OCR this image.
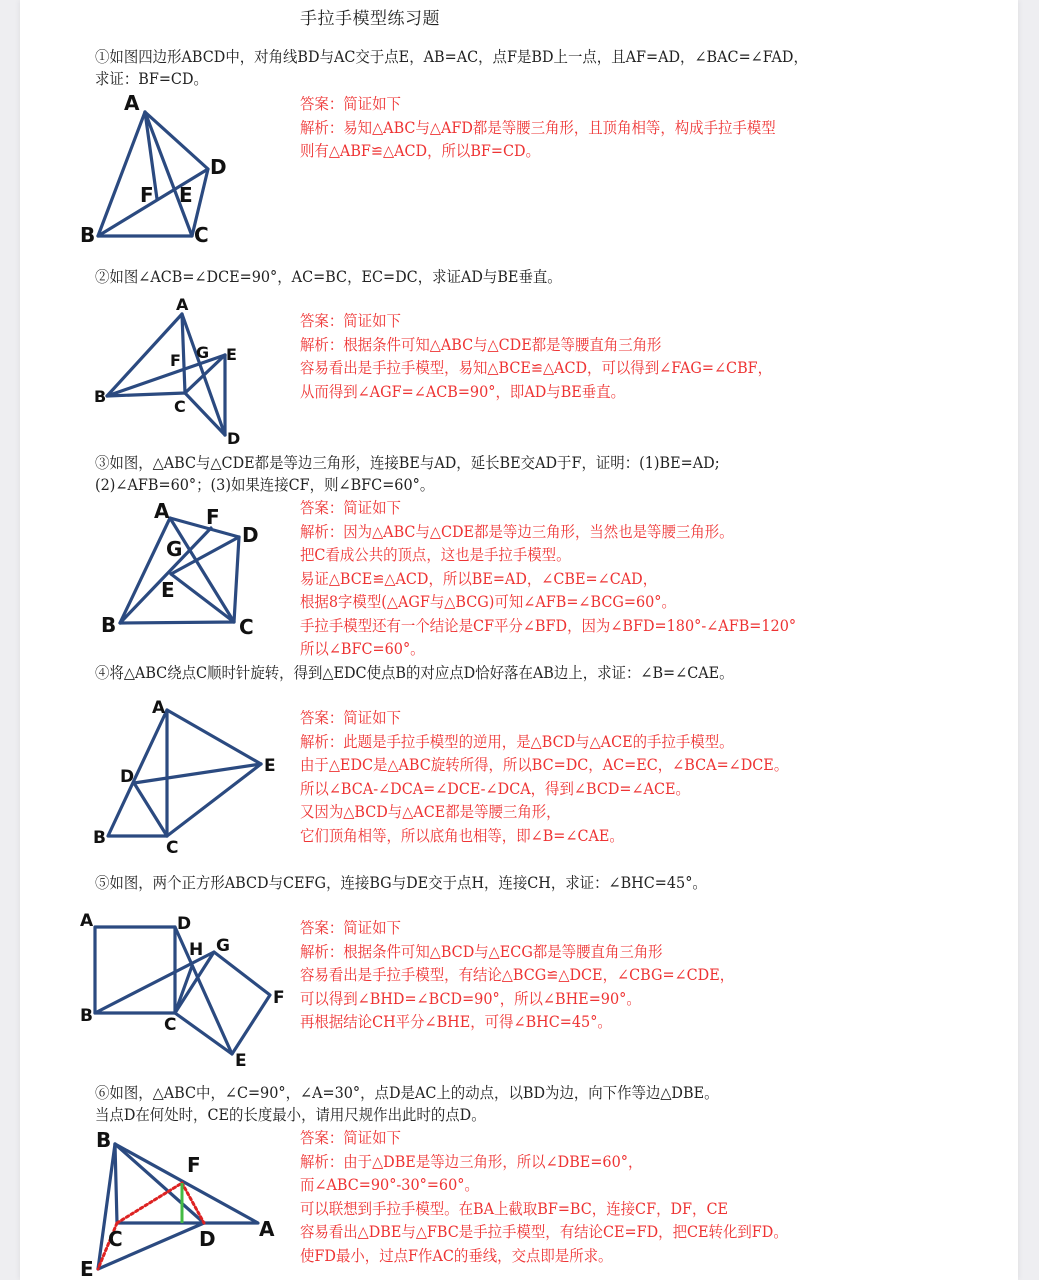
手拉手模型练习题
①如图四边形ABCD中，对角线BD与AC交于点E，AB=AC，点F是BD上一点，且AF=AD，∠BAC=∠FAD，
求证：BF=CD。
答案：简证如下
解析：易知△ABC与△AFD都是等腰三角形，且顶角相等，构成手拉手模型
则有△ABF≌△ACD，所以BF=CD。
②如图∠ACB=∠DCE=90°，AC=BC，EC=DC，求证AD与BE垂直。
答案：简证如下
解析：根据条件可知△ABC与△CDE都是等腰直角三角形
容易看出是手拉手模型，易知△BCE≌△ACD，可以得到∠FAG=∠CBF，
从而得到∠AGF=∠ACB=90°，即AD与BE垂直。
③如图，△ABC与△CDE都是等边三角形，连接BE与AD，延长BE交AD于F，证明：(1)BE=AD;
(2)∠AFB=60°；(3)如果连接CF，则∠BFC=60°。
答案：简证如下
解析：因为△ABC与△CDE都是等边三角形，当然也是等腰三角形。
把C看成公共的顶点，这也是手拉手模型。
易证△BCE≌△ACD，所以BE=AD，∠CBE=∠CAD，
根据8字模型(△AGF与△BCG)可知∠AFB=∠BCG=60°。
手拉手模型还有一个结论是CF平分∠BFD，因为∠BFD=180°-∠AFB=120°
所以∠BFC=60°。
④将△ABC绕点C顺时针旋转，得到△EDC使点B的对应点D恰好落在AB边上，求证：∠B=∠CAE。
答案：简证如下
解析：此题是手拉手模型的逆用，是△BCD与△ACE的手拉手模型。
由于△EDC是△ABC旋转所得，所以BC=DC，AC=EC，∠BCA=∠DCE。
所以∠BCA-∠DCA=∠DCE-∠DCA，得到∠BCD=∠ACE。
又因为△BCD与△ACE都是等腰三角形，
它们顶角相等，所以底角也相等，即∠B=∠CAE。
⑤如图，两个正方形ABCD与CEFG，连接BG与DE交于点H，连接CH，求证：∠BHC=45°。
答案：简证如下
解析：根据条件可知△BCD与△ECG都是等腰直角三角形
容易看出是手拉手模型，有结论△BCG≌△DCE，∠CBG=∠CDE，
可以得到∠BHD=∠BCD=90°，所以∠BHE=90°。
再根据结论CH平分∠BHE，可得∠BHC=45°。
⑥如图，△ABC中，∠C=90°，∠A=30°，点D是AC上的动点，以BD为边，向下作等边△DBE。
当点D在何处时，CE的长度最小，请用尺规作出此时的点D。
答案：简证如下
解析：由于△DBE是等边三角形，所以∠DBE=60°，
而∠ABC=90°-30°=60°。
可以联想到手拉手模型。在BA上截取BF=BC，连接CF，DF，CE
容易看出△DBE与△FBC是手拉手模型，有结论CE=FD，把CE转化到FD。
使FD最小，过点F作AC的垂线，交点即是所求。
A
B	C
D
E
F
A
B
C
D
E
F G
A
B	C
D
E
F
G
A
B	C
D
E
A
B	C
D
E
F
G
H
A
B
C	D
E
F
